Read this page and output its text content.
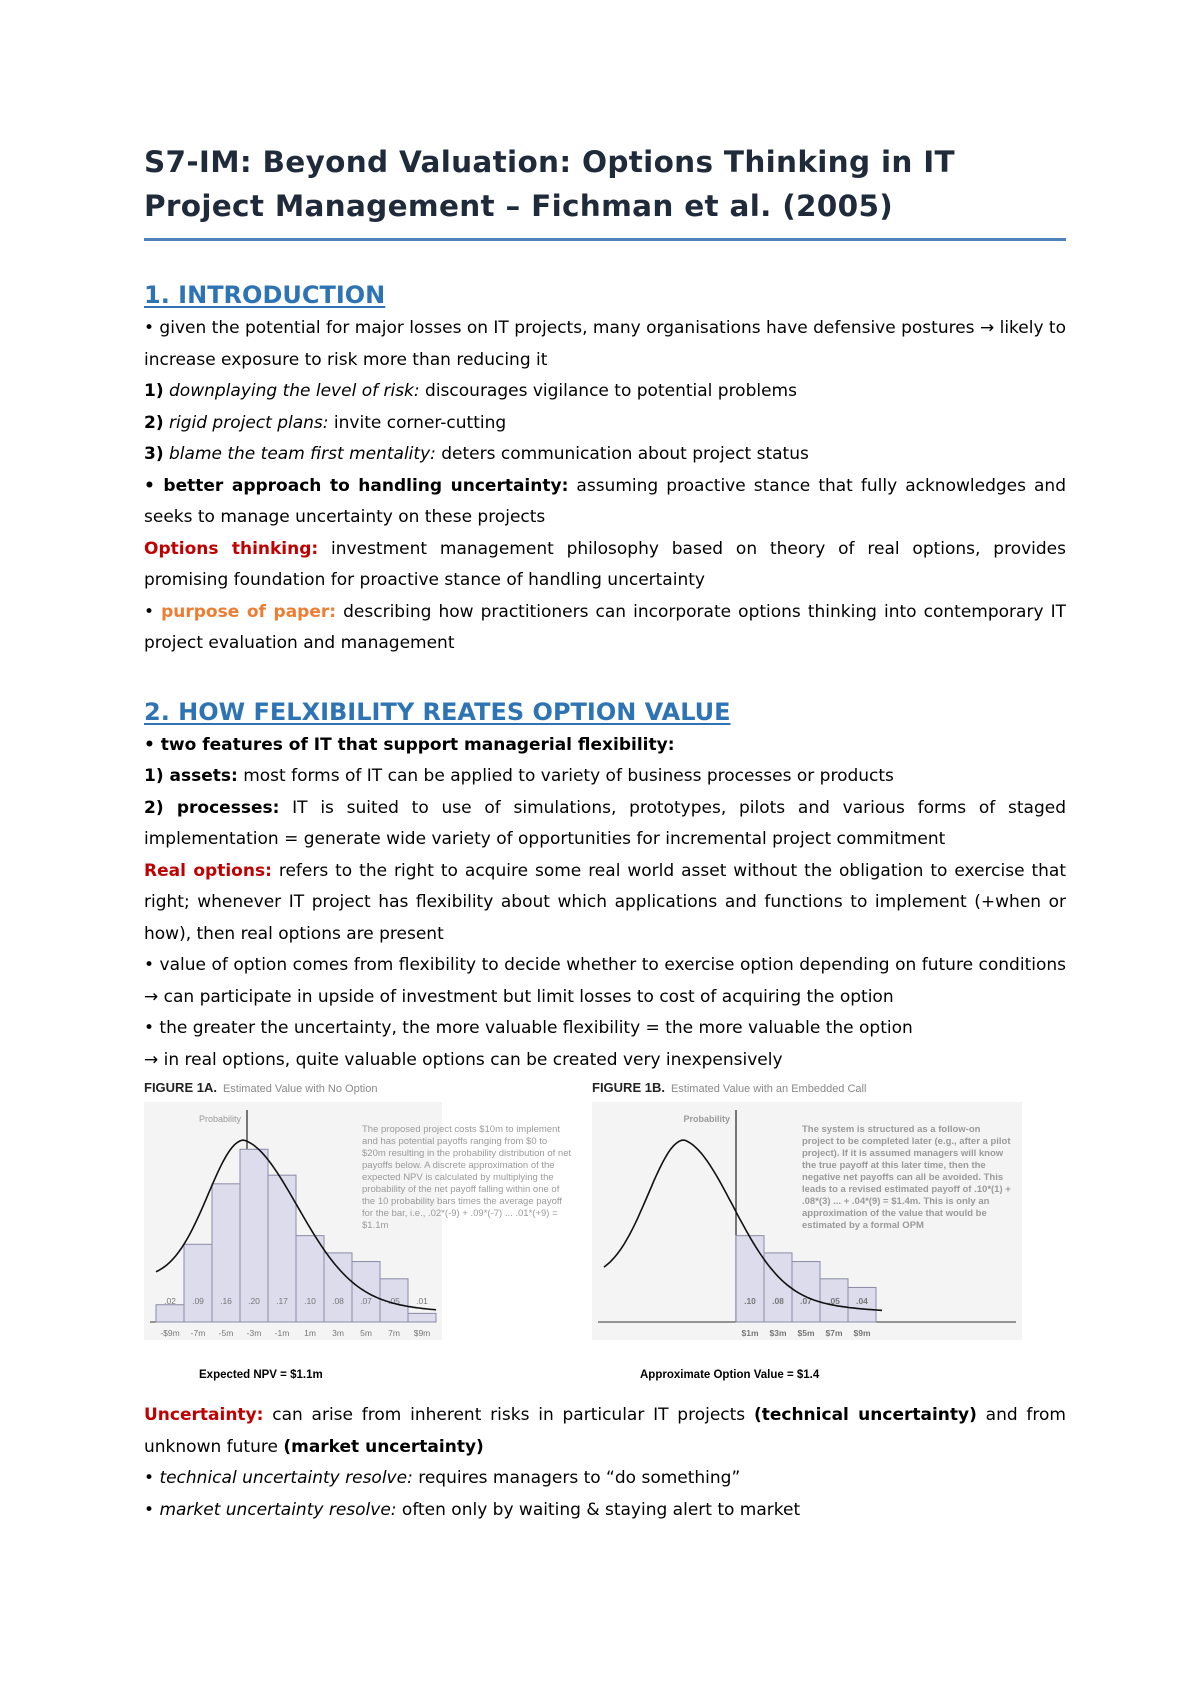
S7-IM: Beyond Valuation: Options Thinking in IT Project Management – Fichman et al. (2005)
1. INTRODUCTION

• given the potential for major losses on IT projects, many organisations have defensive postures → likely to increase exposure to risk more than reducing it

1) downplaying the level of risk: discourages vigilance to potential problems

2) rigid project plans: invite corner-cutting

3) blame the team first mentality: deters communication about project status

• better approach to handling uncertainty: assuming proactive stance that fully acknowledges and seeks to manage uncertainty on these projects

Options thinking: investment management philosophy based on theory of real options, provides promising foundation for proactive stance of handling uncertainty

• purpose of paper: describing how practitioners can incorporate options thinking into contemporary IT project evaluation and management

2. HOW FELXIBILITY REATES OPTION VALUE

• two features of IT that support managerial flexibility:

1) assets: most forms of IT can be applied to variety of business processes or products

2) processes: IT is suited to use of simulations, prototypes, pilots and various forms of staged implementation = generate wide variety of opportunities for incremental project commitment

Real options: refers to the right to acquire some real world asset without the obligation to exercise that right; whenever IT project has flexibility about which applications and functions to implement (+when or how), then real options are present

• value of option comes from flexibility to decide whether to exercise option depending on future conditions → can participate in upside of investment but limit losses to cost of acquiring the option

• the greater the uncertainty, the more valuable flexibility = the more valuable the option

→ in real options, quite valuable options can be created very inexpensively

FIGURE 1A. Estimated Value with No Option
Probability
.02
-$9m
.09
-7m
.16
-5m
.20
-3m
.17
-1m
.10
1m
.08
3m
.07
5m
.05
7m
.01
$9m
The proposed project costs $10m to implement and has potential payoffs ranging from $0 to $20m resulting in the probability distribution of net payoffs below. A discrete approximation of the expected NPV is calculated by multiplying the probability of the net payoff falling within one of the 10 probability bars times the average payoff for the bar, i.e., .02*(-9) + .09*(-7) ... .01*(+9) = $1.1m
Expected NPV = $1.1m
FIGURE 1B. Estimated Value with an Embedded Call
Probability
.10
$1m
.08
$3m
.07
$5m
.05
$7m
.04
$9m
The system is structured as a follow-on project to be completed later (e.g., after a pilot project). If it is assumed managers will know the true payoff at this later time, then the negative net payoffs can all be avoided. This leads to a revised estimated payoff of .10*(1) + .08*(3) ... + .04*(9) = $1.4m. This is only an approximation of the value that would be estimated by a formal OPM
Approximate Option Value = $1.4

Uncertainty: can arise from inherent risks in particular IT projects (technical uncertainty) and from unknown future (market uncertainty)

• technical uncertainty resolve: requires managers to “do something”

• market uncertainty resolve: often only by waiting & staying alert to market
